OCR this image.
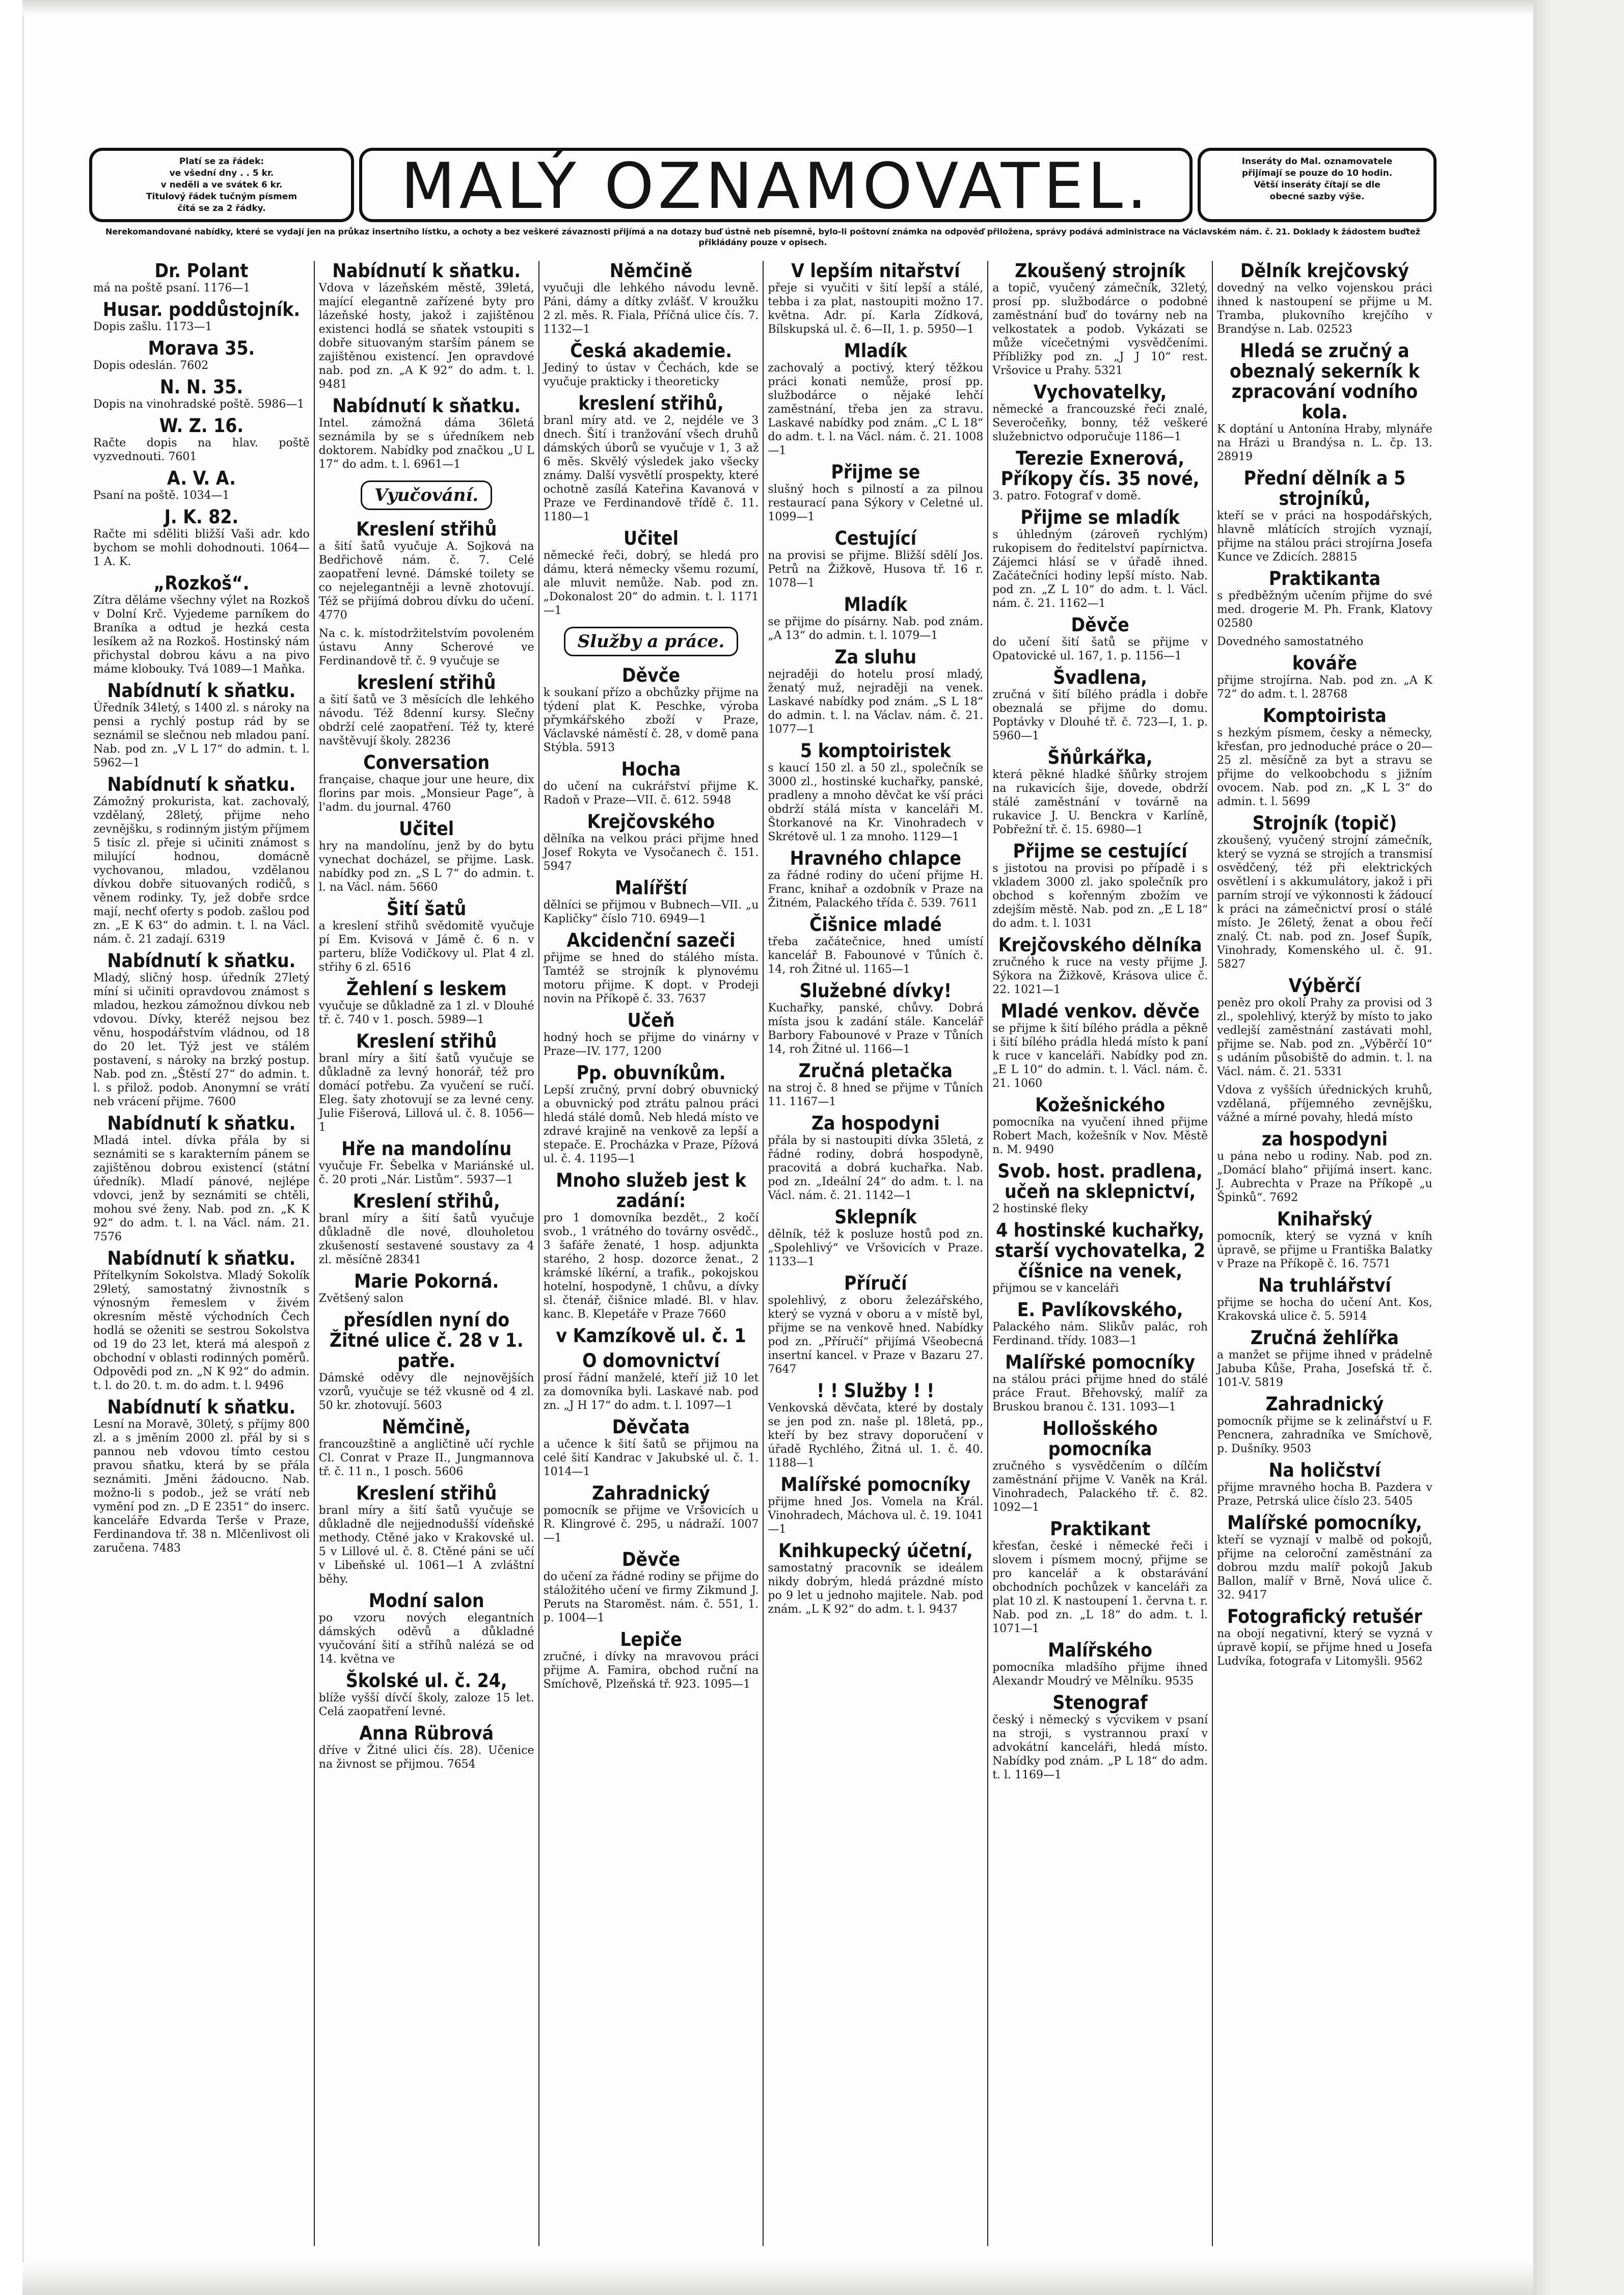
Platí se za řádek:
ve všední dny . . 5 kr.
v neděli a ve svátek 6 kr.
Titulový řádek tučným písmem
čítá se za 2 řádky.	MALÝ OZNAMOVATEL.	Inseráty do Mal. oznamovatele
přijímají se pouze do 10 hodin.
Větší inseráty čítají se dle
obecné sazby výše.

Nerekomandované nabídky, které se vydají jen na průkaz insertního lístku, a ochoty a bez veškeré závaznosti přijímá a na dotazy buď ústně neb písemně, bylo-li poštovní známka na odpověď přiložena, správy podává administrace na Václavském nám. č. 21. Doklady k žádostem buďtež přikládány pouze v opisech.
Dr. Polant
má na poště psaní. 1176—1
Husar. poddůstojník.
Dopis zašlu. 1173—1
Morava 35.
Dopis odeslán. 7602
N. N. 35.
Dopis na vinohradské poště. 5986—1
W. Z. 16.
Račte dopis na hlav. poště vyzvednouti. 7601
A. V. A.
Psaní na poště. 1034—1
J. K. 82.
Račte mi sděliti bližší Vaši adr. kdo bychom se mohli dohodnouti. 1064—1 A. K.
„Rozkoš“.
Zítra děláme všechny výlet na Rozkoš v Dolní Krč. Vyjedeme parníkem do Braníka a odtud je hezká cesta lesíkem až na Rozkoš. Hostinský nám přichystal dobrou kávu a na pivo máme klobouky. Tvá 1089—1 Maňka.
Nabídnutí k sňatku.
Úředník 34letý, s 1400 zl. s nároky na pensi a rychlý postup rád by se seznámil se slečnou neb mladou paní. Nab. pod zn. „V L 17“ do admin. t. l. 5962—1
Nabídnutí k sňatku.
Zámožný prokurista, kat. zachovalý, vzdělaný, 28letý, přijme neho zevnějšku, s rodinným jistým příjmem 5 tisíc zl. přeje si učiniti známost s milující hodnou, domácně vychovanou, mladou, vzdělanou dívkou dobře situovaných rodičů, s věnem rodinky. Ty, jež dobře srdce mají, nechť oferty s podob. zašlou pod zn. „E K 63“ do admin. t. l. na Václ. nám. č. 21 zadají. 6319
Nabídnutí k sňatku.
Mladý, sličný hosp. úředník 27letý míní si učiniti opravdovou známost s mladou, hezkou zámožnou dívkou neb vdovou. Dívky, kteréž nejsou bez věnu, hospodářstvím vládnou, od 18 do 20 let. Týž jest ve stálém postavení, s nároky na brzký postup. Nab. pod zn. „Štěstí 27“ do admin. t. l. s přilož. podob. Anonymní se vrátí neb vrácení přijme. 7600
Nabídnutí k sňatku.
Mladá intel. dívka přála by si seznámiti se s karakterním pánem se zajištěnou dobrou existencí (státní úředník). Mladí pánové, nejlépe vdovci, jenž by seznámiti se chtěli, mohou své ženy. Nab. pod zn. „K K 92“ do adm. t. l. na Václ. nám. 21. 7576
Nabídnutí k sňatku.
Přítelkyním Sokolstva. Mladý Sokolík 29letý, samostatný živnostník s výnosným řemeslem v živém okresním městě východních Čech hodlá se oženiti se sestrou Sokolstva od 19 do 23 let, která má alespoň z obchodní v oblasti rodinných poměrů. Odpovědi pod zn. „N K 92“ do admin. t. l. do 20. t. m. do adm. t. l. 9496
Nabídnutí k sňatku.
Lesní na Moravě, 30letý, s příjmy 800 zl. a s jměním 2000 zl. přál by si s pannou neb vdovou tímto cestou pravou sňatku, která by se přála seznámiti. Jměni žádoucno. Nab. možno-li s podob., jež se vrátí neb vymění pod zn. „D E 2351“ do inserc. kanceláře Edvarda Terše v Praze, Ferdinandova tř. 38 n. Mlčenlivost oli zaručena. 7483
Nabídnutí k sňatku.
Vdova v lázeňském městě, 39letá, mající elegantně zařízené byty pro lázeňské hosty, jakož i zajištěnou existenci hodlá se sňatek vstoupiti s dobře situovaným starším pánem se zajištěnou existencí. Jen opravdové nab. pod zn. „A K 92“ do adm. t. l. 9481
Nabídnutí k sňatku.
Intel. zámožná dáma 36letá seznámila by se s úředníkem neb doktorem. Nabídky pod značkou „U L 17“ do adm. t. l. 6961—1
Vyučování.
Kreslení střihů
a šití šatů vyučuje A. Sojková na Bedřichově nám. č. 7. Celé zaopatření levné. Dámské toilety se co nejelegantněji a levně zhotovují. Též se přijímá dobrou dívku do učení. 4770
Na c. k. místodržitelstvím povoleném ústavu Anny Scherové ve Ferdinandově tř. č. 9 vyučuje se
kreslení střihů
a šití šatů ve 3 měsících dle lehkého návodu. Též 8denní kursy. Slečny obdrží celé zaopatření. Též ty, které navštěvují školy. 28236
Conversation
française, chaque jour une heure, dix florins par mois. „Monsieur Page“, à l'adm. du journal. 4760
Učitel
hry na mandolínu, jenž by do bytu vynechat docházel, se přijme. Lask. nabídky pod zn. „S L 7“ do admin. t. l. na Václ. nám. 5660
Šití šatů
a kreslení střihů svědomitě vyučuje pí Em. Kvisová v Jámě č. 6 n. v parteru, blíže Vodičkovy ul. Plat 4 zl. střihy 6 zl. 6516
Žehlení s leskem
vyučuje se důkladně za 1 zl. v Dlouhé tř. č. 740 v 1. posch. 5989—1
Kreslení střihů
branl míry a šití šatů vyučuje se důkladně za levný honorář, též pro domácí potřebu. Za vyučení se ručí. Eleg. šaty zhotovují se za levné ceny. Julie Fišerová, Lillová ul. č. 8. 1056—1
Hře na mandolínu
vyučuje Fr. Šebelka v Mariánské ul. č. 20 proti „Nár. Listům“. 5937—1
Kreslení střihů,
branl míry a šití šatů vyučuje důkladně dle nové, dlouholetou zkušeností sestavené soustavy za 4 zl. měsíčně 28341
Marie Pokorná.
Zvětšený salon
přesídlen nyní do Žitné ulice č. 28 v 1. patře.
Dámské oděvy dle nejnovějších vzorů, vyučuje se též vkusně od 4 zl. 50 kr. zhotovují. 5603
Němčině,
francouzštině a angličtině učí rychle Cl. Conrat v Praze II., Jungmannova tř. č. 11 n., 1 posch. 5606
Kreslení střihů
branl míry a šití šatů vyučuje se důkladně dle nejjednodušší vídeňské methody. Ctěné jako v Krakovské ul. 5 v Lillové ul. č. 8. Ctěné páni se učí v Libeňské ul. 1061—1 A zvláštní běhy.
Modní salon
po vzoru nových elegantních dámských oděvů a důkladné vyučování šití a stříhů nalézá se od 14. května ve
Školské ul. č. 24,
blíže vyšší dívčí školy, zaloze 15 let. Celá zaopatření levné.
Anna Rübrová
dříve v Žitné ulici čís. 28). Učenice na živnost se přijmou. 7654
Němčině
vyučuji dle lehkého návodu levně. Páni, dámy a dítky zvlášť. V kroužku 2 zl. měs. R. Fiala, Příčná ulice čís. 7. 1132—1
Česká akademie.
Jediný to ústav v Čechách, kde se vyučuje prakticky i theoreticky
kreslení střihů,
branl míry atd. ve 2, nejdéle ve 3 dnech. Šití i tranžování všech druhů dámských úborů se vyučuje v 1, 3 až 6 měs. Skvělý výsledek jako všecky známy. Další vysvětlí prospekty, které ochotně zasílá Kateřina Kavanová v Praze ve Ferdinandově třídě č. 11. 1180—1
Učitel
německé řeči, dobrý, se hledá pro dámu, která německy všemu rozumí, ale mluvit nemůže. Nab. pod zn. „Dokonalost 20“ do admin. t. l. 1171—1
Služby a práce.
Děvče
k soukaní přízo a obchůzky přijme na týdení plat K. Peschke, výroba přymkářského zboží v Praze, Václavské náměstí č. 28, v domě pana Stýbla. 5913
Hocha
do učení na cukrářství přijme K. Radoň v Praze—VII. č. 612. 5948
Krejčovského
dělníka na velkou práci přijme hned Josef Rokyta ve Vysočanech č. 151. 5947
Malířští
dělníci se přijmou v Bubnech—VII. „u Kapličky“ číslo 710. 6949—1
Akcidenční sazeči
přijme se hned do stálého místa. Tamtéž se strojník k plynovému motoru přijme. K dopt. v Prodeji novin na Příkopě č. 33. 7637
Učeň
hodný hoch se přijme do vinárny v Praze—IV. 177, 1200
Pp. obuvníkům.
Lepší zručný, první dobrý obuvnický a obuvnický pod ztrátu palnou práci hledá stálé domů. Neb hledá místo ve zdravé krajině na venkově za lepší a stepače. E. Procházka v Praze, Pížová ul. č. 4. 1195—1
Mnoho služeb jest k zadání:
pro 1 domovníka bezdět., 2 kočí svob., 1 vrátného do továrny osvědč., 3 šafáře ženaté, 1 hosp. adjunkta starého, 2 hosp. dozorce ženat., 2 krámské líkérní, a trafik., pokojskou hotelní, hospodyně, 1 chůvu, a dívky sl. čtenář, čišnice mladé. Bl. v hlav. kanc. B. Klepetáře v Praze 7660
v Kamzíkově ul. č. 1
O domovnictví
prosí řádní manželé, kteří již 10 let za domovníka byli. Laskavé nab. pod zn. „J H 17“ do adm. t. l. 1097—1
Děvčata
a učence k šití šatů se přijmou na celé šití Kandrac v Jakubské ul. č. 1. 1014—1
Zahradnický
pomocník se přijme ve Vršovicích u R. Klingrové č. 295, u nádraží. 1007—1
Děvče
do učení za řádné rodiny se přijme do stáložitého učení ve firmy Zikmund J. Peruts na Staroměst. nám. č. 551, 1. p. 1004—1
Lepiče
zručné, i dívky na mravovou práci přijme A. Famira, obchod ruční na Smíchově, Plzeňská tř. 923. 1095—1
V lepším nitařství
přeje si vyučiti v šití lepší a stálé, tebba i za plat, nastoupiti možno 17. května. Adr. pí. Karla Zídková, Bílskupská ul. č. 6—II, 1. p. 5950—1
Mladík
zachovalý a poctivý, který těžkou práci konati nemůže, prosí pp. službodárce o nějaké lehčí zaměstnání, třeba jen za stravu. Laskavé nabídky pod znám. „C L 18“ do adm. t. l. na Václ. nám. č. 21. 1008—1
Přijme se
slušný hoch s pilností a za pilnou restaurací pana Sýkory v Celetné ul. 1099—1
Cestující
na provisi se přijme. Bližší sdělí Jos. Petrů na Žižkově, Husova tř. 16 r. 1078—1
Mladík
se přijme do písárny. Nab. pod znám. „A 13“ do admin. t. l. 1079—1
Za sluhu
nejraději do hotelu prosí mladý, ženatý muž, nejraději na venek. Laskavé nabídky pod znám. „S L 18“ do admin. t. l. na Václav. nám. č. 21. 1077—1
5 komptoiristek
s kaucí 150 zl. a 50 zl., společník se 3000 zl., hostinské kuchařky, panské, pradleny a mnoho děvčat ke vší práci obdrží stálá místa v kanceláři M. Štorkanové na Kr. Vinohradech v Skrétově ul. 1 za mnoho. 1129—1
Hravného chlapce
za řádné rodiny do učení přijme H. Franc, knihař a ozdobník v Praze na Žitném, Palackého třída č. 539. 7611
Čišnice mladé
třeba začátečnice, hned umístí kancelář B. Fabounové v Tůních č. 14, roh Žitné ul. 1165—1
Služebné dívky!
Kuchařky, panské, chůvy. Dobrá místa jsou k zadání stále. Kancelář Barbory Fabounové v Praze v Tůních 14, roh Žitné ul. 1166—1
Zručná pletačka
na stroj č. 8 hned se přijme v Tůních 11. 1167—1
Za hospodyni
přála by si nastoupiti dívka 35letá, z řádné rodiny, dobrá hospodyně, pracovitá a dobrá kuchařka. Nab. pod zn. „Ideální 24“ do adm. t. l. na Václ. nám. č. 21. 1142—1
Sklepník
dělník, též k posluze hostů pod zn. „Spolehlivý“ ve Vršovicích v Praze. 1133—1
Příručí
spolehlivý, z oboru železářského, který se vyzná v oboru a v místě byl, přijme se na venkově hned. Nabídky pod zn. „Příručí“ přijímá Všeobecná insertní kancel. v Praze v Bazaru 27. 7647
! ! Služby ! !
Venkovská děvčata, které by dostaly se jen pod zn. naše pl. 18letá, pp., kteří by bez stravy doporučení v úřadě Rychlého, Žitná ul. 1. č. 40. 1188—1
Malířské pomocníky
přijme hned Jos. Vomela na Král. Vinohradech, Máchova ul. č. 19. 1041—1
Knihkupecký účetní,
samostatný pracovník se ideálem nikdy dobrým, hledá prázdné místo po 9 let u jednoho majitele. Nab. pod znám. „L K 92“ do adm. t. l. 9437
Zkoušený strojník
a topič, vyučený zámečník, 32letý, prosí pp. službodárce o podobné zaměstnání buď do továrny neb na velkostatek a podob. Vykázati se může vícečetnými vysvědčeními. Příbližky pod zn. „J J 10“ rest. Vršovice u Prahy. 5321
Vychovatelky,
německé a francouzské řeči znalé, Severočeňky, bonny, též veškeré služebnictvo odporučuje 1186—1
Terezie Exnerová, Příkopy čís. 35 nové,
3. patro. Fotograf v domě.
Přijme se mladík
s úhledným (zároveň rychlým) rukopisem do ředitelství papírnictva. Zájemci hlásí se v úřadě ihned. Začátečníci hodiny lepší místo. Nab. pod zn. „Z L 10“ do adm. t. l. Václ. nám. č. 21. 1162—1
Děvče
do učení šití šatů se přijme v Opatovické ul. 167, 1. p. 1156—1
Švadlena,
zručná v šití bílého prádla i dobře obeznalá se přijme do domu. Poptávky v Dlouhé tř. č. 723—I, 1. p. 5960—1
Šňůrkářka,
která pěkné hladké šňůrky strojem na rukavicích šije, dovede, obdrží stálé zaměstnání v továrně na rukavice J. U. Benckra v Karlíně, Pobřežní tř. č. 15. 6980—1
Přijme se cestující
s jistotou na provisi po případě i s vkladem 3000 zl. jako společník pro obchod s kořenným zbožím ve zdejším městě. Nab. pod zn. „E L 18“ do adm. t. l. 1031
Krejčovského dělníka
zručného k ruce na vesty přijme J. Sýkora na Žižkově, Krásova ulice č. 22. 1021—1
Mladé venkov. děvče
se přijme k šití bílého prádla a pěkně i šití bílého prádla hledá místo k paní k ruce v kanceláři. Nabídky pod zn. „E L 10“ do admin. t. l. Václ. nám. č. 21. 1060
Kožešnického
pomocníka na vyučení ihned přijme Robert Mach, kožešník v Nov. Městě n. M. 9490
Svob. host. pradlena, učeň na sklepnictví,
2 hostinské fleky
4 hostinské kuchařky, starší vychovatelka, 2 číšnice na venek,
přijmou se v kanceláři
E. Pavlíkovského,
Palackého nám. Slikův palác, roh Ferdinand. třídy. 1083—1
Malířské pomocníky
na stálou práci přijme hned do stálé práce Fraut. Břehovský, malíř za Bruskou branou č. 131. 1093—1
Hollošského pomocníka
zručného s vysvědčením o dílčím zaměstnání přijme V. Vaněk na Král. Vinohradech, Palackého tř. č. 82. 1092—1
Praktikant
křesťan, české i německé řeči i slovem i písmem mocný, přijme se pro kancelář a k obstarávání obchodních pochůzek v kanceláři za plat 10 zl. K nastoupení 1. června t. r. Nab. pod zn. „L 18“ do adm. t. l. 1071—1
Malířského
pomocníka mladšího přijme ihned Alexandr Moudrý ve Mělníku. 9535
Stenograf
český i německý s výcvikem v psaní na stroji, s vystrannou praxí v advokátní kanceláři, hledá místo. Nabídky pod znám. „P L 18“ do adm. t. l. 1169—1
Dělník krejčovský
dovedný na velko vojenskou práci ihned k nastoupení se přijme u M. Tramba, plukovního krejčího v Brandýse n. Lab. 02523
Hledá se zručný a obeznalý sekerník k zpracování vodního kola.
K doptání u Antonína Hraby, mlynáře na Hrázi u Brandýsa n. L. čp. 13. 28919
Přední dělník a 5 strojníků,
kteří se v práci na hospodářských, hlavně mlátících strojích vyznají, přijme na stálou práci strojírna Josefa Kunce ve Zdicích. 28815
Praktikanta
s předběžným učením přijme do své med. drogerie M. Ph. Frank, Klatovy 02580
Dovedného samostatného
kováře
přijme strojírna. Nab. pod zn. „A K 72“ do adm. t. l. 28768
Komptoirista
s hezkým písmem, česky a německy, křesťan, pro jednoduché práce o 20—25 zl. měsíčně za byt a stravu se přijme do velkoobchodu s jižním ovocem. Nab. pod zn. „K L 3“ do admin. t. l. 5699
Strojník (topič)
zkoušený, vyučený strojní zámečník, který se vyzná se strojích a transmisí osvědčený, též při elektrických osvětlení i s akkumulátory, jakož i při parním strojí ve výkonnosti k žádoucí k práci na zámečnictví prosí o stálé místo. Je 26letý, ženat a obou řečí znalý. Ct. nab. pod zn. Josef Šupík, Vinohrady, Komenského ul. č. 91. 5827
Výběrčí
peněz pro okolí Prahy za provisi od 3 zl., spolehlivý, kterýž by místo to jako vedlejší zaměstnání zastávati mohl, přijme se. Nab. pod zn. „Výběrčí 10“ s udáním působiště do admin. t. l. na Václ. nám. č. 21. 5331
Vdova z vyšších úřednických kruhů, vzdělaná, příjemného zevnějšku, vážné a mírné povahy, hledá místo
za hospodyni
u pána nebo u rodiny. Nab. pod zn. „Domácí blaho“ přijímá insert. kanc. J. Aubrechta v Praze na Příkopě „u Špinků“. 7692
Knihařský
pomocník, který se vyzná v kníh úpravě, se přijme u Františka Balatky v Praze na Příkopě č. 16. 7571
Na truhlářství
přijme se hocha do učení Ant. Kos, Krakovská ulice č. 5. 5914
Zručná žehlířka
a manžet se přijme ihned v prádelně Jabuba Kůše, Praha, Josefská tř. č. 101-V. 5819
Zahradnický
pomocník přijme se k zelinářství u F. Pencnera, zahradníka ve Smíchově, p. Dušníky. 9503
Na holičství
přijme mravného hocha B. Pazdera v Praze, Petrská ulice číslo 23. 5405
Malířské pomocníky,
kteří se vyznají v malbě od pokojů, přijme na celoroční zaměstnání za dobrou mzdu malíř pokojů Jakub Ballon, malíř v Brně, Nová ulice č. 32. 9417
Fotografický retušér
na obojí negativní, který se vyzná v úpravě kopií, se přijme hned u Josefa Ludvíka, fotografa v Litomyšli. 9562
